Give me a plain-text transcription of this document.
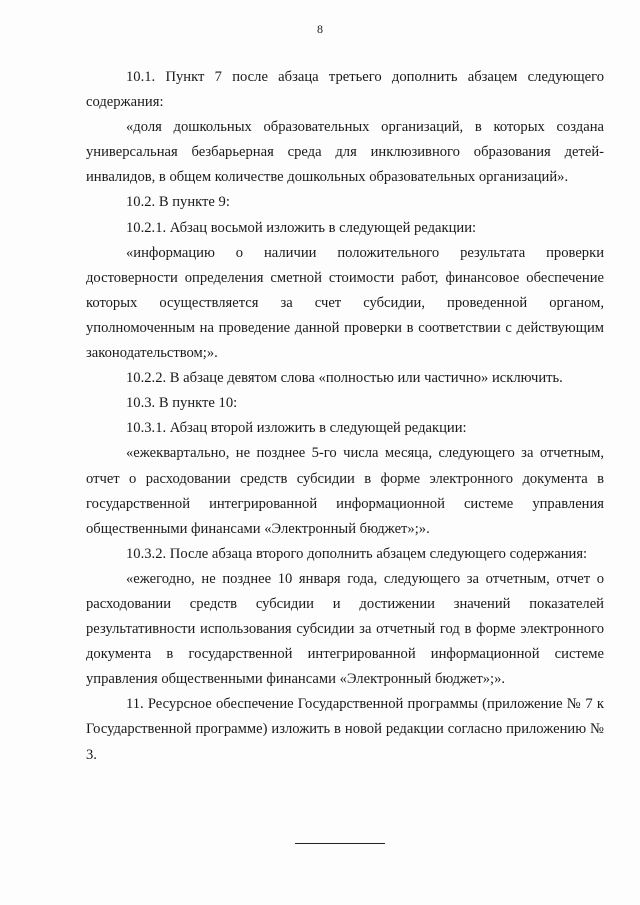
8

10.1. Пункт 7 после абзаца третьего дополнить абзацем следующего содержания:

«доля дошкольных образовательных организаций, в которых создана универсальная безбарьерная среда для инклюзивного образования детей-инвалидов, в общем количестве дошкольных образовательных организаций».

10.2. В пункте 9:

10.2.1. Абзац восьмой изложить в следующей редакции:

«информацию о наличии положительного результата проверки достоверности определения сметной стоимости работ, финансовое обеспечение которых осуществляется за счет субсидии, проведенной органом, уполномоченным на проведение данной проверки в соответствии с действующим законодательством;».

10.2.2. В абзаце девятом слова «полностью или частично» исключить.

10.3. В пункте 10:

10.3.1. Абзац второй изложить в следующей редакции:

«ежеквартально, не позднее 5-го числа месяца, следующего за отчетным, отчет о расходовании средств субсидии в форме электронного документа в государственной интегрированной информационной системе управления общественными финансами «Электронный бюджет»;».

10.3.2. После абзаца второго дополнить абзацем следующего содержания:

«ежегодно, не позднее 10 января года, следующего за отчетным, отчет о расходовании средств субсидии и достижении значений показателей результативности использования субсидии за отчетный год в форме электронного документа в государственной интегрированной информационной системе управления общественными финансами «Электронный бюджет»;».

11. Ресурсное обеспечение Государственной программы (приложение № 7 к Государственной программе) изложить в новой редакции согласно приложению № 3.
